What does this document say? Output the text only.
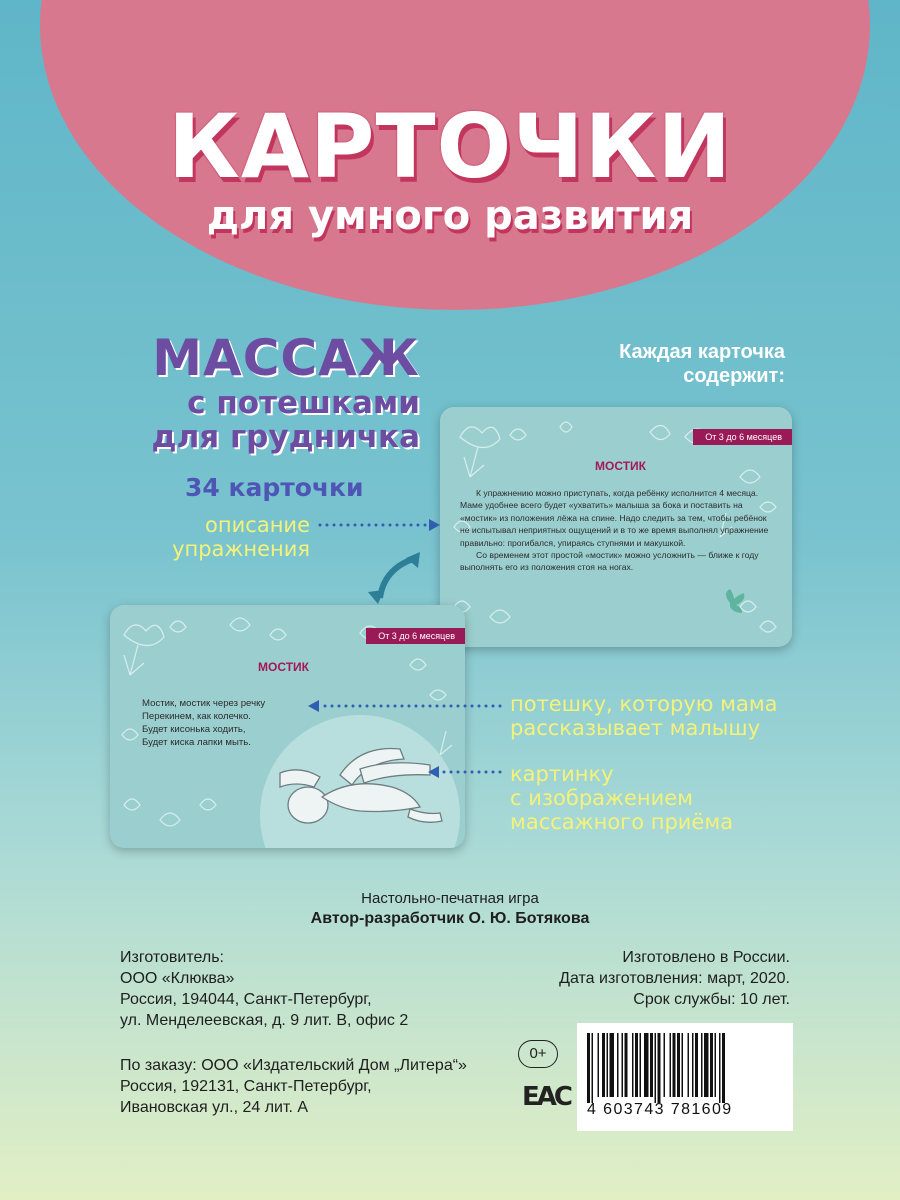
КАРТОЧКИ
для умного развития
МАССАЖ
с потешками
для грудничка
Каждая карточка
содержит:
34 карточки
описание
упражнения
От 3 до 6 месяцев
МОСТИК

К упражнению можно приступать, когда ребёнку исполнится 4 месяца. Маме удобнее всего будет «ухватить» малыша за бока и поставить на «мостик» из положения лёжа на спине. Надо следить за тем, чтобы ребёнок не испытывал неприятных ощущений и в то же время выполнял упражнение правильно: прогибался, упираясь ступнями и макушкой.

Со временем этот простой «мостик» можно усложнить — ближе к году выполнять его из положения стоя на ногах.

От 3 до 6 месяцев
МОСТИК
Мостик, мостик через речку
Перекинем, как колечко.
Будет кисонька ходить,
Будет киска лапки мыть.
потешку, которую мама
рассказывает малышу
картинку
с изображением
массажного приёма
Настольно-печатная игра
Автор-разработчик О. Ю. Ботякова
Изготовитель:
ООО «Клюква»
Россия, 194044, Санкт-Петербург,
ул. Менделеевская, д. 9 лит. В, офис 2
Изготовлено в России.
Дата изготовления: март, 2020.
Срок службы: 10 лет.
По заказу: ООО «Издательский Дом „Литера“»
Россия, 192131, Санкт-Петербург,
Ивановская ул., 24 лит. А
0+
EAC 4 603743 781609
